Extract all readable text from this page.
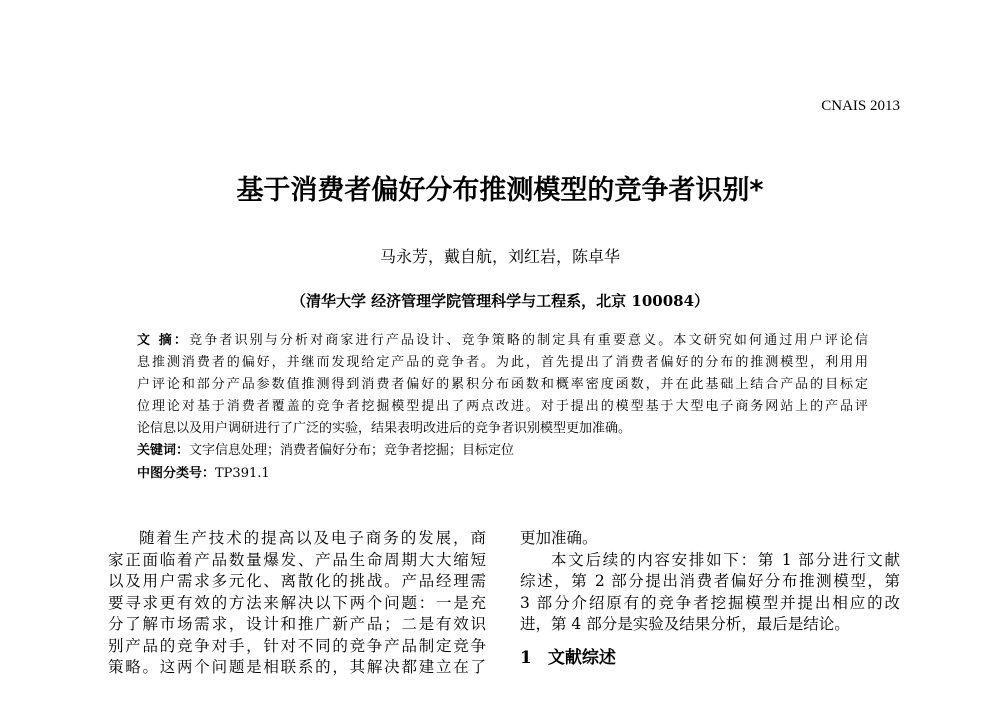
CNAIS 2013
基于消费者偏好分布推测模型的竞争者识别*
马永芳，戴自航，刘红岩，陈卓华
（清华大学 经济管理学院管理科学与工程系，北京 100084）
文 摘：竞争者识别与分析对商家进行产品设计、竞争策略的制定具有重要意义。本文研究如何通过用户评论信
息推测消费者的偏好，并继而发现给定产品的竞争者。为此，首先提出了消费者偏好的分布的推测模型，利用用
户评论和部分产品参数值推测得到消费者偏好的累积分布函数和概率密度函数，并在此基础上结合产品的目标定
位理论对基于消费者覆盖的竞争者挖掘模型提出了两点改进。对于提出的模型基于大型电子商务网站上的产品评
论信息以及用户调研进行了广泛的实验，结果表明改进后的竞争者识别模型更加准确。
关键词：文字信息处理；消费者偏好分布；竞争者挖掘；目标定位
中图分类号：TP391.1
随着生产技术的提高以及电子商务的发展，商
家正面临着产品数量爆发、产品生命周期大大缩短
以及用户需求多元化、离散化的挑战。产品经理需
要寻求更有效的方法来解决以下两个问题：一是充
分了解市场需求，设计和推广新产品；二是有效识
别产品的竞争对手，针对不同的竞争产品制定竞争
策略。这两个问题是相联系的，其解决都建立在了
更加准确。
本文后续的内容安排如下：第 1 部分进行文献
综述，第 2 部分提出消费者偏好分布推测模型，第
3 部分介绍原有的竞争者挖掘模型并提出相应的改
进，第 4 部分是实验及结果分析，最后是结论。
1 文献综述
